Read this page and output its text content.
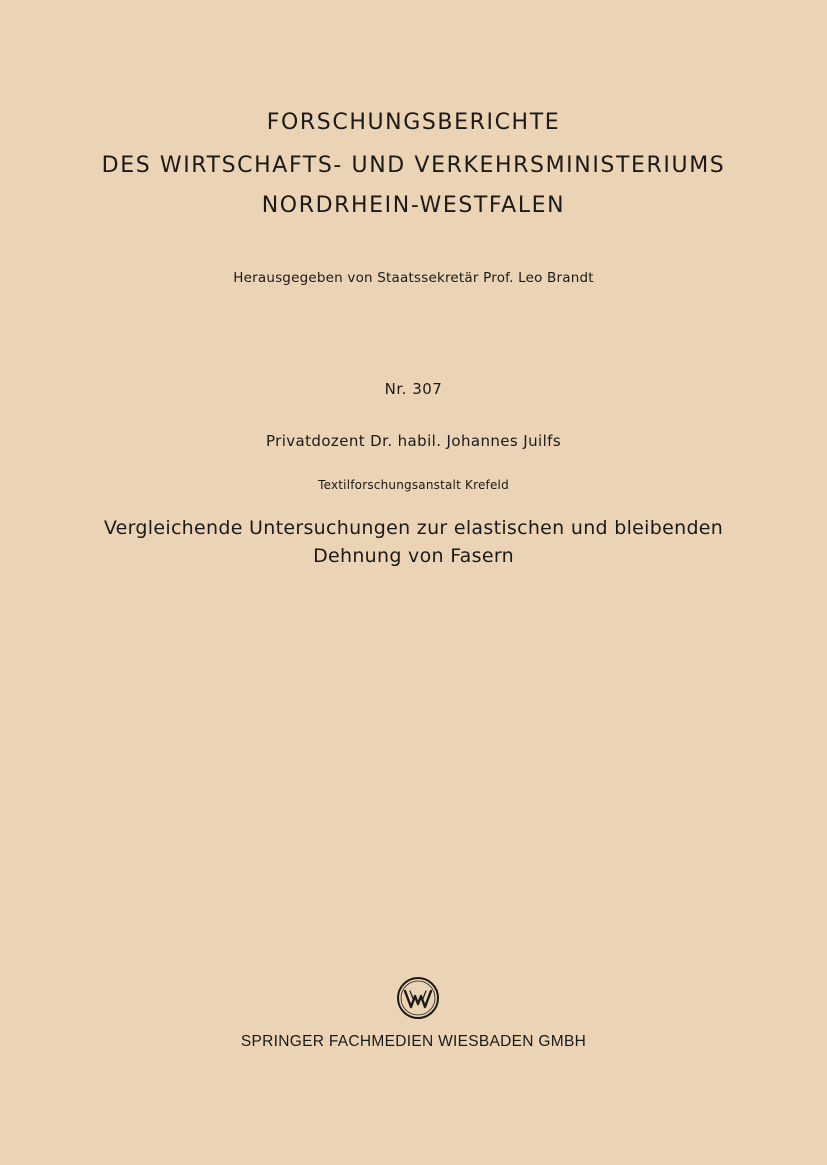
FORSCHUNGSBERICHTE
DES WIRTSCHAFTS- UND VERKEHRSMINISTERIUMS
NORDRHEIN-WESTFALEN
Herausgegeben von Staatssekretär Prof. Leo Brandt
Nr. 307
Privatdozent Dr. habil. Johannes Juilfs
Textilforschungsanstalt Krefeld
Vergleichende Untersuchungen zur elastischen und bleibenden
Dehnung von Fasern
SPRINGER FACHMEDIEN WIESBADEN GMBH
